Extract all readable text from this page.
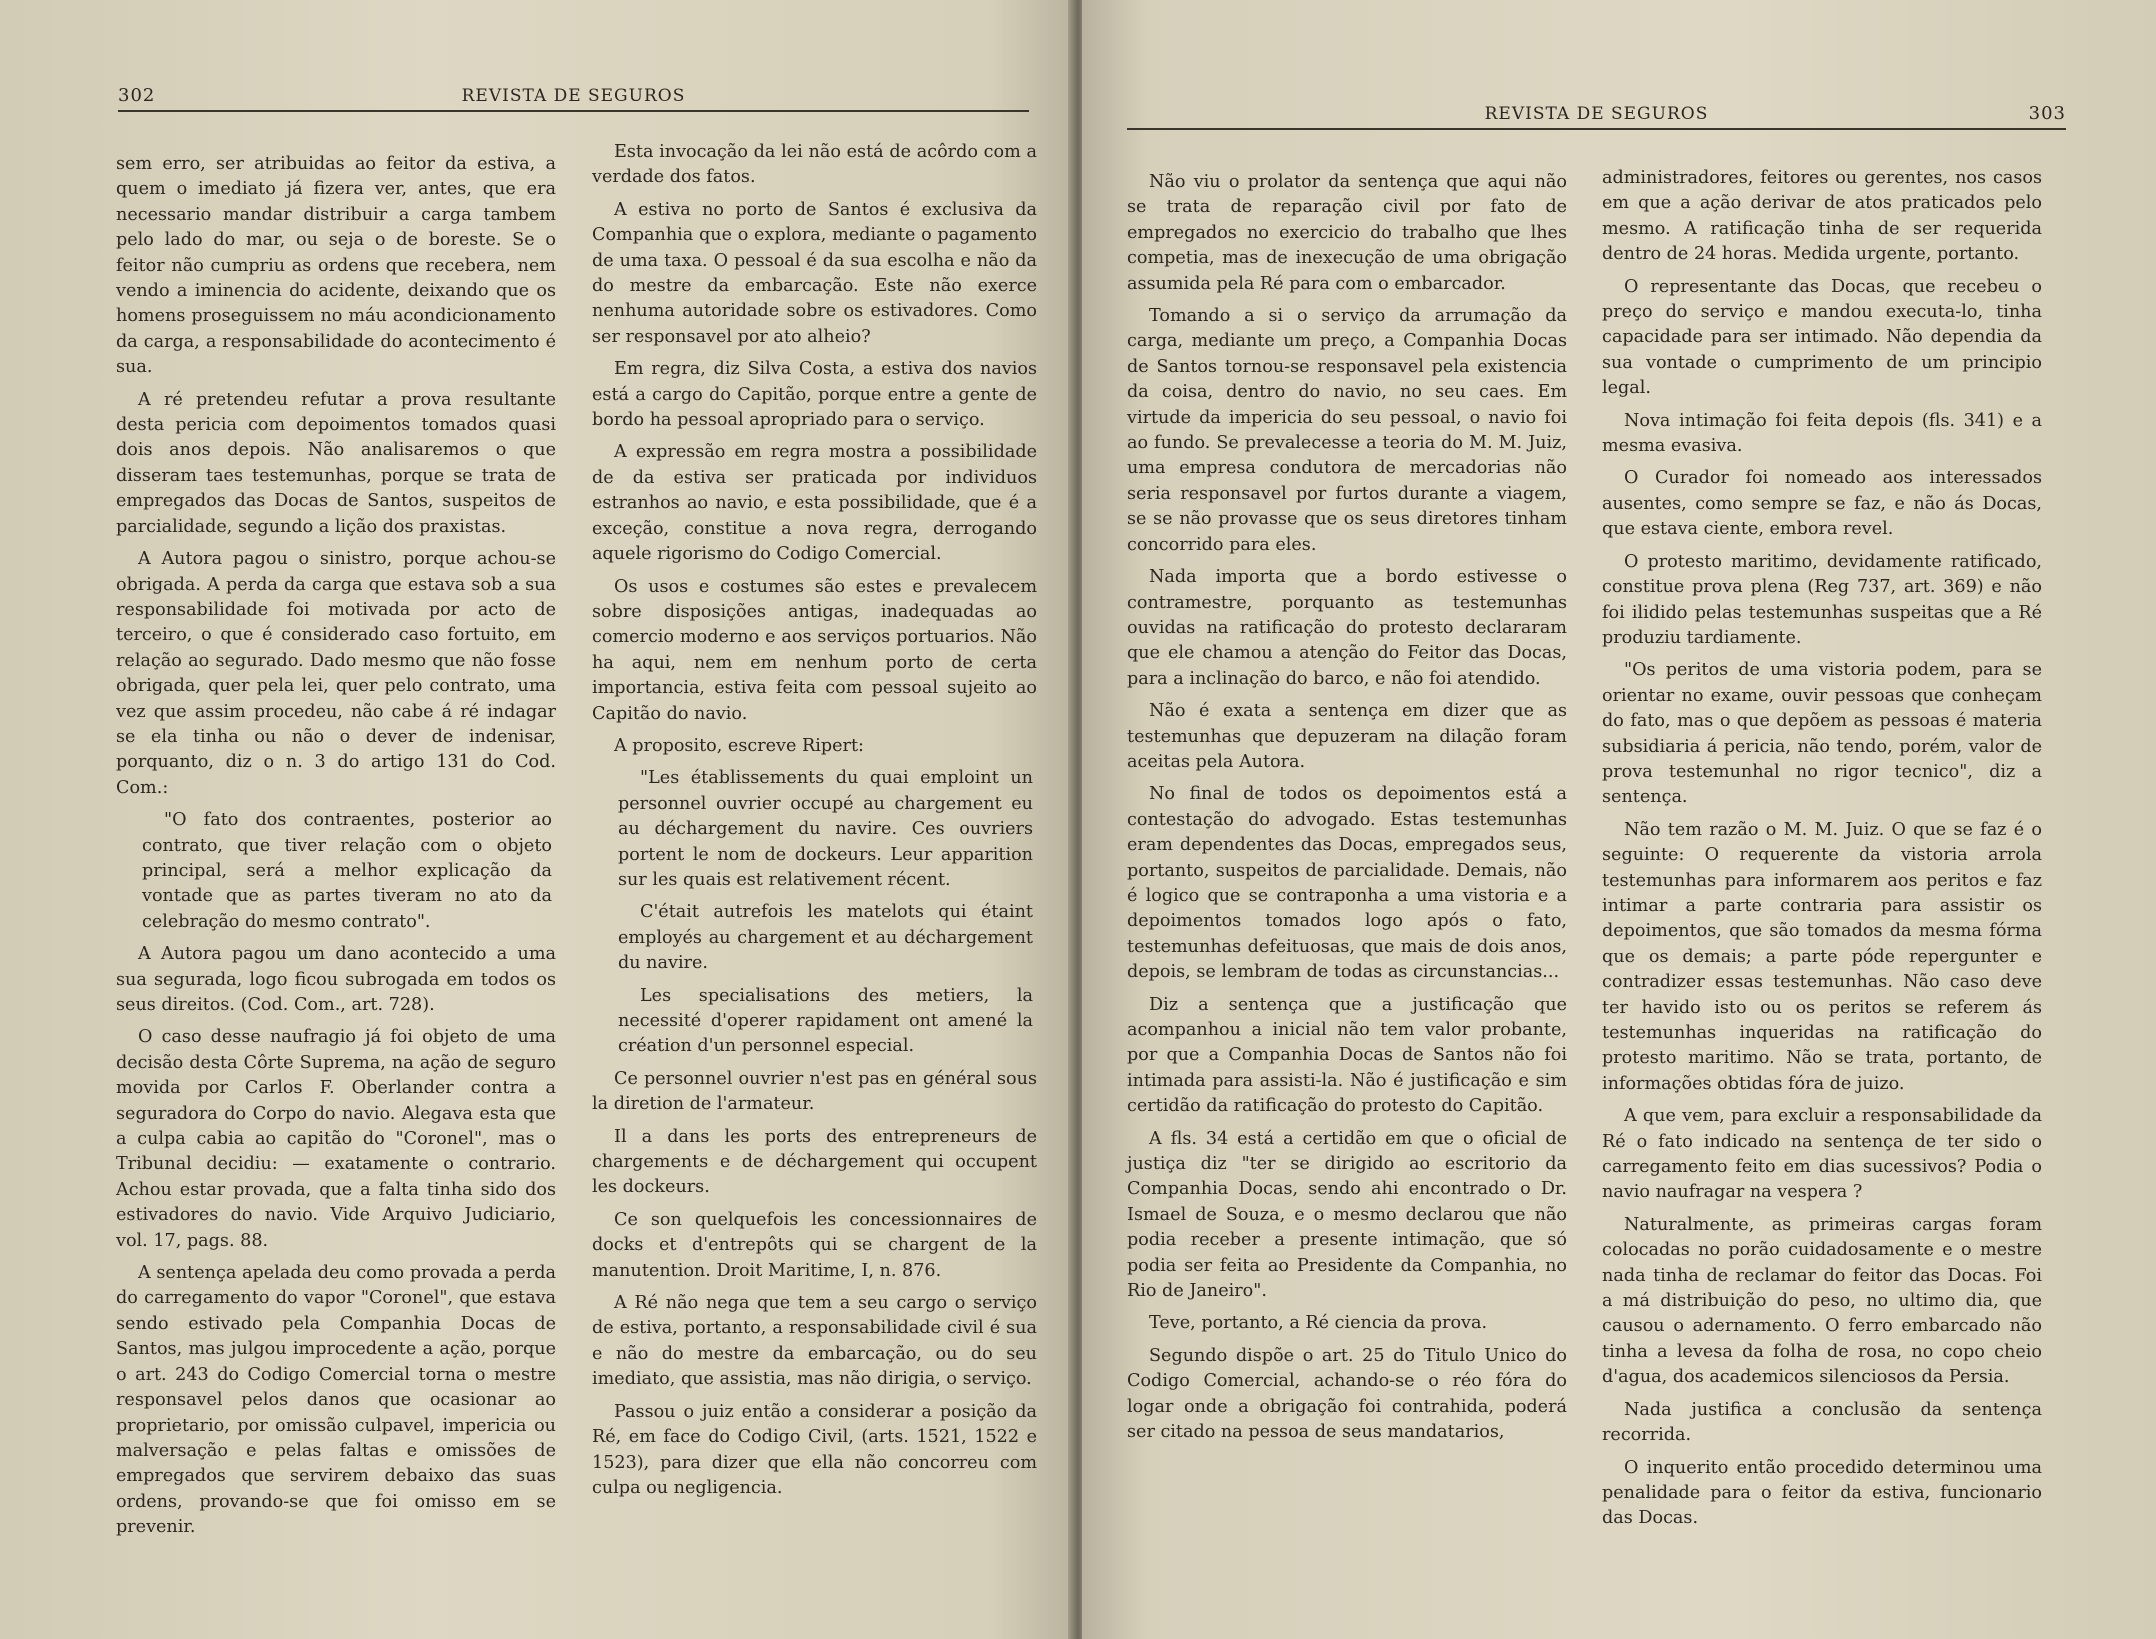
302	REVISTA DE SEGUROS

sem erro, ser atribuidas ao feitor da estiva, a quem o imediato já fizera ver, antes, que era necessario mandar distribuir a carga tambem pelo lado do mar, ou seja o de boreste. Se o feitor não cumpriu as ordens que recebera, nem vendo a iminencia do acidente, deixando que os homens proseguissem no máu acondicionamento da carga, a responsabilidade do acontecimento é sua.

A ré pretendeu refutar a prova resultante desta pericia com depoimentos tomados quasi dois anos depois. Não analisaremos o que disseram taes testemunhas, porque se trata de empregados das Docas de Santos, suspeitos de parcialidade, segundo a lição dos praxistas.

A Autora pagou o sinistro, porque achou-se obrigada. A perda da carga que estava sob a sua responsabilidade foi motivada por acto de terceiro, o que é considerado caso fortuito, em relação ao segurado. Dado mesmo que não fosse obrigada, quer pela lei, quer pelo contrato, uma vez que assim procedeu, não cabe á ré indagar se ela tinha ou não o dever de indenisar, porquanto, diz o n. 3 do artigo 131 do Cod. Com.:

"O fato dos contraentes, posterior ao contrato, que tiver relação com o objeto principal, será a melhor explicação da vontade que as partes tiveram no ato da celebração do mesmo contrato".

A Autora pagou um dano acontecido a uma sua segurada, logo ficou subrogada em todos os seus direitos. (Cod. Com., art. 728).

O caso desse naufragio já foi objeto de uma decisão desta Côrte Suprema, na ação de seguro movida por Carlos F. Oberlander contra a seguradora do Corpo do navio. Alegava esta que a culpa cabia ao capitão do "Coronel", mas o Tribunal decidiu: — exatamente o contrario. Achou estar provada, que a falta tinha sido dos estivadores do navio. Vide Arquivo Judiciario, vol. 17, pags. 88.

A sentença apelada deu como provada a perda do carregamento do vapor "Coronel", que estava sendo estivado pela Companhia Docas de Santos, mas julgou improcedente a ação, porque o art. 243 do Codigo Comercial torna o mestre responsavel pelos danos que ocasionar ao proprietario, por omissão culpavel, impericia ou malversação e pelas faltas e omissões de empregados que servirem debaixo das suas ordens, provando-se que foi omisso em se prevenir.

Esta invocação da lei não está de acôrdo com a verdade dos fatos.

A estiva no porto de Santos é exclusiva da Companhia que o explora, mediante o pagamento de uma taxa. O pessoal é da sua escolha e não da do mestre da embarcação. Este não exerce nenhuma autoridade sobre os estivadores. Como ser responsavel por ato alheio?

Em regra, diz Silva Costa, a estiva dos navios está a cargo do Capitão, porque entre a gente de bordo ha pessoal apropriado para o serviço.

A expressão em regra mostra a possibilidade de da estiva ser praticada por individuos estranhos ao navio, e esta possibilidade, que é a exceção, constitue a nova regra, derrogando aquele rigorismo do Codigo Comercial.

Os usos e costumes são estes e prevalecem sobre disposições antigas, inadequadas ao comercio moderno e aos serviços portuarios. Não ha aqui, nem em nenhum porto de certa importancia, estiva feita com pessoal sujeito ao Capitão do navio.

A proposito, escreve Ripert:

"Les établissements du quai emploint un personnel ouvrier occupé au chargement eu au déchargement du navire. Ces ouvriers portent le nom de dockeurs. Leur apparition sur les quais est relativement récent.

C'était autrefois les matelots qui étaint employés au chargement et au déchargement du navire.

Les specialisations des metiers, la necessité d'operer rapidament ont amené la création d'un personnel especial.

Ce personnel ouvrier n'est pas en général sous la diretion de l'armateur.

Il a dans les ports des entrepreneurs de chargements e de déchargement qui occupent les dockeurs.

Ce son quelquefois les concessionnaires de docks et d'entrepôts qui se chargent de la manutention. Droit Maritime, I, n. 876.

A Ré não nega que tem a seu cargo o serviço de estiva, portanto, a responsabilidade civil é sua e não do mestre da embarcação, ou do seu imediato, que assistia, mas não dirigia, o serviço.

Passou o juiz então a considerar a posição da Ré, em face do Codigo Civil, (arts. 1521, 1522 e 1523), para dizer que ella não concorreu com culpa ou negligencia.

REVISTA DE SEGUROS	303

Não viu o prolator da sentença que aqui não se trata de reparação civil por fato de empregados no exercicio do trabalho que lhes competia, mas de inexecução de uma obrigação assumida pela Ré para com o embarcador.

Tomando a si o serviço da arrumação da carga, mediante um preço, a Companhia Docas de Santos tornou-se responsavel pela existencia da coisa, dentro do navio, no seu caes. Em virtude da impericia do seu pessoal, o navio foi ao fundo. Se prevalecesse a teoria do M. M. Juiz, uma empresa condutora de mercadorias não seria responsavel por furtos durante a viagem, se se não provasse que os seus diretores tinham concorrido para eles.

Nada importa que a bordo estivesse o contramestre, porquanto as testemunhas ouvidas na ratificação do protesto declararam que ele chamou a atenção do Feitor das Docas, para a inclinação do barco, e não foi atendido.

Não é exata a sentença em dizer que as testemunhas que depuzeram na dilação foram aceitas pela Autora.

No final de todos os depoimentos está a contestação do advogado. Estas testemunhas eram dependentes das Docas, empregados seus, portanto, suspeitos de parcialidade. Demais, não é logico que se contraponha a uma vistoria e a depoimentos tomados logo após o fato, testemunhas defeituosas, que mais de dois anos, depois, se lembram de todas as circunstancias...

Diz a sentença que a justificação que acompanhou a inicial não tem valor probante, por que a Companhia Docas de Santos não foi intimada para assisti-la. Não é justificação e sim certidão da ratificação do protesto do Capitão.

A fls. 34 está a certidão em que o oficial de justiça diz "ter se dirigido ao escritorio da Companhia Docas, sendo ahi encontrado o Dr. Ismael de Souza, e o mesmo declarou que não podia receber a presente intimação, que só podia ser feita ao Presidente da Companhia, no Rio de Janeiro".

Teve, portanto, a Ré ciencia da prova.

Segundo dispõe o art. 25 do Titulo Unico do Codigo Comercial, achando-se o réo fóra do logar onde a obrigação foi contrahida, poderá ser citado na pessoa de seus mandatarios,

administradores, feitores ou gerentes, nos casos em que a ação derivar de atos praticados pelo mesmo. A ratificação tinha de ser requerida dentro de 24 horas. Medida urgente, portanto.

O representante das Docas, que recebeu o preço do serviço e mandou executa-lo, tinha capacidade para ser intimado. Não dependia da sua vontade o cumprimento de um principio legal.

Nova intimação foi feita depois (fls. 341) e a mesma evasiva.

O Curador foi nomeado aos interessados ausentes, como sempre se faz, e não ás Docas, que estava ciente, embora revel.

O protesto maritimo, devidamente ratificado, constitue prova plena (Reg 737, art. 369) e não foi ilidido pelas testemunhas suspeitas que a Ré produziu tardiamente.

"Os peritos de uma vistoria podem, para se orientar no exame, ouvir pessoas que conheçam do fato, mas o que depõem as pessoas é materia subsidiaria á pericia, não tendo, porém, valor de prova testemunhal no rigor tecnico", diz a sentença.

Não tem razão o M. M. Juiz. O que se faz é o seguinte: O requerente da vistoria arrola testemunhas para informarem aos peritos e faz intimar a parte contraria para assistir os depoimentos, que são tomados da mesma fórma que os demais; a parte póde repergunter e contradizer essas testemunhas. Não caso deve ter havido isto ou os peritos se referem ás testemunhas inqueridas na ratificação do protesto maritimo. Não se trata, portanto, de informações obtidas fóra de juizo.

A que vem, para excluir a responsabilidade da Ré o fato indicado na sentença de ter sido o carregamento feito em dias sucessivos? Podia o navio naufragar na vespera ?

Naturalmente, as primeiras cargas foram colocadas no porão cuidadosamente e o mestre nada tinha de reclamar do feitor das Docas. Foi a má distribuição do peso, no ultimo dia, que causou o adernamento. O ferro embarcado não tinha a levesa da folha de rosa, no copo cheio d'agua, dos academicos silenciosos da Persia.

Nada justifica a conclusão da sentença recorrida.

O inquerito então procedido determinou uma penalidade para o feitor da estiva, funcionario das Docas.
